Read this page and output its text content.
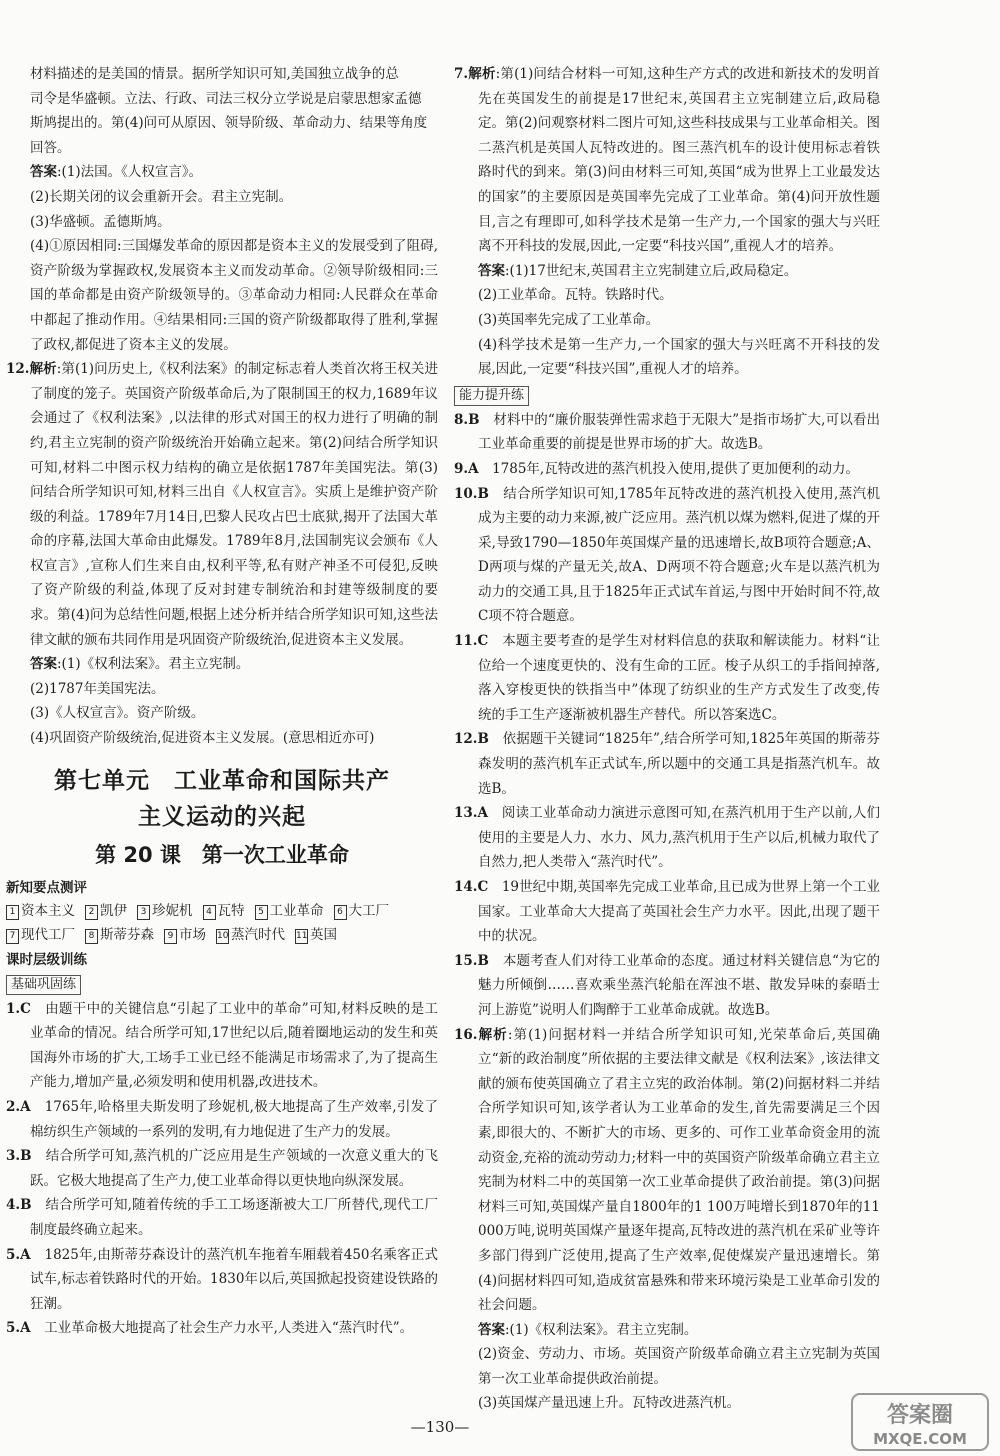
材料描述的是美国的情景。据所学知识可知,美国独立战争的总

司令是华盛顿。立法、行政、司法三权分立学说是启蒙思想家孟德

斯鸠提出的。第(4)问可从原因、领导阶级、革命动力、结果等角度

回答。

答案:(1)法国。《人权宣言》。

(2)长期关闭的议会重新开会。君主立宪制。

(3)华盛顿。孟德斯鸠。

(4)①原因相同:三国爆发革命的原因都是资本主义的发展受到了阻碍,资产阶级为掌握政权,发展资本主义而发动革命。②领导阶级相同:三国的革命都是由资产阶级领导的。③革命动力相同:人民群众在革命中都起了推动作用。④结果相同:三国的资产阶级都取得了胜利,掌握了政权,都促进了资本主义的发展。

12.解析:第(1)问历史上,《权利法案》的制定标志着人类首次将王权关进了制度的笼子。英国资产阶级革命后,为了限制国王的权力,1689年议会通过了《权利法案》,以法律的形式对国王的权力进行了明确的制约,君主立宪制的资产阶级统治开始确立起来。第(2)问结合所学知识可知,材料二中图示权力结构的确立是依据1787年美国宪法。第(3)问结合所学知识可知,材料三出自《人权宣言》。实质上是维护资产阶级的利益。1789年7月14日,巴黎人民攻占巴士底狱,揭开了法国大革命的序幕,法国大革命由此爆发。1789年8月,法国制宪议会颁布《人权宣言》,宣称人们生来自由,权利平等,私有财产神圣不可侵犯,反映了资产阶级的利益,体现了反对封建专制统治和封建等级制度的要求。第(4)问为总结性问题,根据上述分析并结合所学知识可知,这些法律文献的颁布共同作用是巩固资产阶级统治,促进资本主义发展。

答案:(1)《权利法案》。君主立宪制。

(2)1787年美国宪法。

(3)《人权宣言》。资产阶级。

(4)巩固资产阶级统治,促进资本主义发展。(意思相近亦可)

第七单元　工业革命和国际共产
主义运动的兴起
第 20 课　第一次工业革命
新知要点测评
1 资本主义	2 凯伊	3 珍妮机	4 瓦特	5 工业革命	6 大工厂
7 现代工厂	8 斯蒂芬森	9 市场 10 蒸汽时代 11 英国
课时层级训练
基础巩固练

1.C　 由题干中的关键信息“引起了工业中的革命”可知,材料反映的是工业革命的情况。结合所学可知,17世纪以后,随着圈地运动的发生和英国海外市场的扩大,工场手工业已经不能满足市场需求了,为了提高生产能力,增加产量,必须发明和使用机器,改进技术。

2.A　 1765年,哈格里夫斯发明了珍妮机,极大地提高了生产效率,引发了棉纺织生产领域的一系列的发明,有力地促进了生产力的发展。

3.B　 结合所学可知,蒸汽机的广泛应用是生产领域的一次意义重大的飞跃。它极大地提高了生产力,使工业革命得以更快地向纵深发展。

4.B　 结合所学可知,随着传统的手工工场逐渐被大工厂所替代,现代工厂制度最终确立起来。

5.A　 1825年,由斯蒂芬森设计的蒸汽机车拖着车厢载着450名乘客正式试车,标志着铁路时代的开始。1830年以后,英国掀起投资建设铁路的狂潮。

5.A　 工业革命极大地提高了社会生产力水平,人类进入“蒸汽时代”。

7.解析:第(1)问结合材料一可知,这种生产方式的改进和新技术的发明首先在英国发生的前提是17世纪末,英国君主立宪制建立后,政局稳定。第(2)问观察材料二图片可知,这些科技成果与工业革命相关。图二蒸汽机是英国人瓦特改进的。图三蒸汽机车的设计使用标志着铁路时代的到来。第(3)问由材料三可知,英国“成为世界上工业最发达的国家”的主要原因是英国率先完成了工业革命。第(4)问开放性题目,言之有理即可,如科学技术是第一生产力,一个国家的强大与兴旺离不开科技的发展,因此,一定要“科技兴国”,重视人才的培养。

答案:(1)17世纪末,英国君主立宪制建立后,政局稳定。

(2)工业革命。瓦特。铁路时代。

(3)英国率先完成了工业革命。

(4)科学技术是第一生产力,一个国家的强大与兴旺离不开科技的发展,因此,一定要“科技兴国”,重视人才的培养。

能力提升练

8.B　 材料中的“廉价服装弹性需求趋于无限大”是指市场扩大,可以看出工业革命重要的前提是世界市场的扩大。故选B。

9.A　 1785年,瓦特改进的蒸汽机投入使用,提供了更加便利的动力。

10.B　 结合所学知识可知,1785年瓦特改进的蒸汽机投入使用,蒸汽机成为主要的动力来源,被广泛应用。蒸汽机以煤为燃料,促进了煤的开采,导致1790—1850年英国煤产量的迅速增长,故B项符合题意;A、D两项与煤的产量无关,故A、D两项不符合题意;火车是以蒸汽机为动力的交通工具,且于1825年正式试车首运,与图中开始时间不符,故C项不符合题意。

11.C　 本题主要考查的是学生对材料信息的获取和解读能力。材料“让位给一个速度更快的、没有生命的工匠。梭子从织工的手指间掉落,落入穿梭更快的铁指当中”体现了纺织业的生产方式发生了改变,传统的手工生产逐渐被机器生产替代。所以答案选C。

12.B　 依据题干关键词“1825年”,结合所学可知,1825年英国的斯蒂芬森发明的蒸汽机车正式试车,所以题中的交通工具是指蒸汽机车。故选B。

13.A　 阅读工业革命动力演进示意图可知,在蒸汽机用于生产以前,人们使用的主要是人力、水力、风力,蒸汽机用于生产以后,机械力取代了自然力,把人类带入“蒸汽时代”。

14.C　 19世纪中期,英国率先完成工业革命,且已成为世界上第一个工业国家。工业革命大大提高了英国社会生产力水平。因此,出现了题干中的状况。

15.B　 本题考查人们对待工业革命的态度。通过材料关键信息“为它的魅力所倾倒……喜欢乘坐蒸汽轮船在浑浊不堪、散发异味的泰晤士河上游览”说明人们陶醉于工业革命成就。故选B。

16.解析:第(1)问据材料一并结合所学知识可知,光荣革命后,英国确立“新的政治制度”所依据的主要法律文献是《权利法案》,该法律文献的颁布使英国确立了君主立宪的政治体制。第(2)问据材料二并结合所学知识可知,该学者认为工业革命的发生,首先需要满足三个因素,即很大的、不断扩大的市场、更多的、可作工业革命资金用的流动资金,充裕的流动劳动力;材料一中的英国资产阶级革命确立君主立宪制为材料二中的英国第一次工业革命提供了政治前提。第(3)问据材料三可知,英国煤产量自1800年的1 100万吨增长到1870年的11 000万吨,说明英国煤产量逐年提高,瓦特改进的蒸汽机在采矿业等许多部门得到广泛使用,提高了生产效率,促使煤炭产量迅速增长。第(4)问据材料四可知,造成贫富悬殊和带来环境污染是工业革命引发的社会问题。

答案:(1)《权利法案》。君主立宪制。

(2)资金、劳动力、市场。英国资产阶级革命确立君主立宪制为英国第一次工业革命提供政治前提。

(3)英国煤产量迅速上升。瓦特改进蒸汽机。

—130—	答案圈
MXQE.COM
